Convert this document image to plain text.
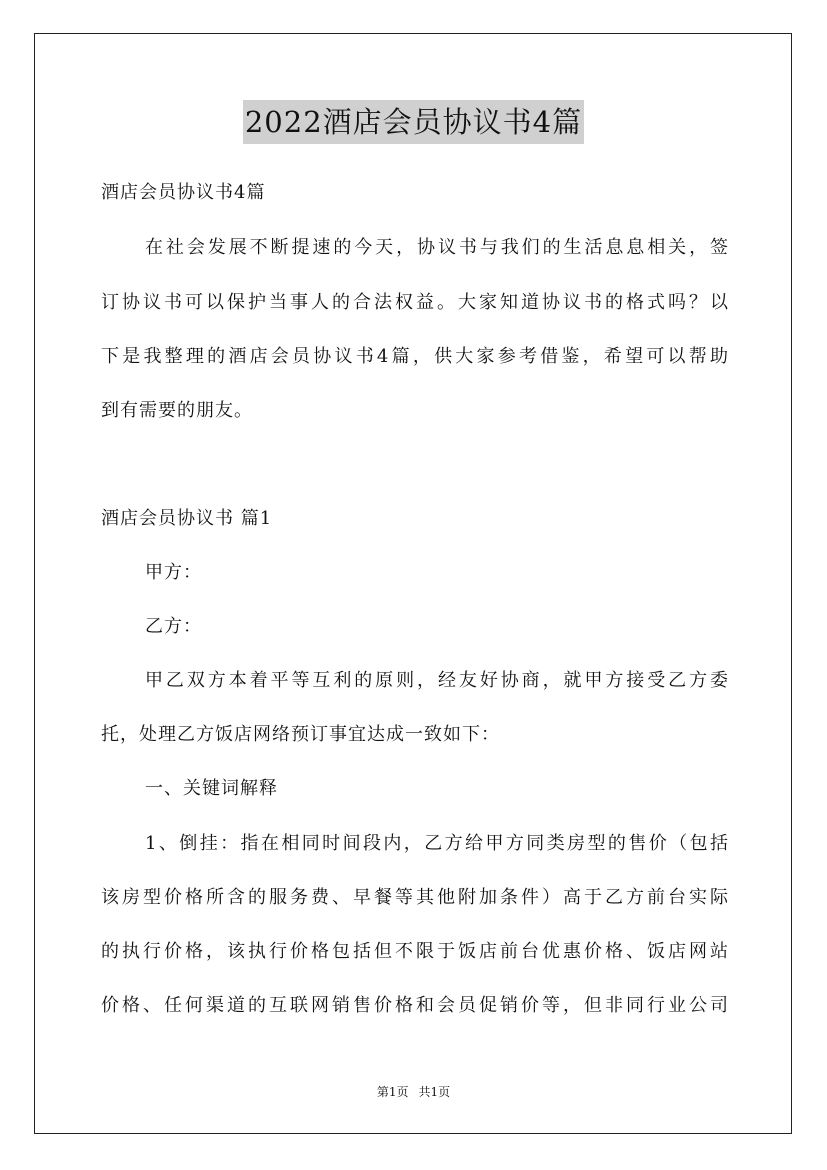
2022酒店会员协议书4篇
酒店会员协议书4篇
在社会发展不断提速的今天，协议书与我们的生活息息相关，签
订协议书可以保护当事人的合法权益。大家知道协议书的格式吗？以
下是我整理的酒店会员协议书4篇，供大家参考借鉴，希望可以帮助
到有需要的朋友。
酒店会员协议书 篇1
甲方：
乙方：
甲乙双方本着平等互利的原则，经友好协商，就甲方接受乙方委
托，处理乙方饭店网络预订事宜达成一致如下：
一、关键词解释
1、倒挂：指在相同时间段内，乙方给甲方同类房型的售价（包括
该房型价格所含的服务费、早餐等其他附加条件）高于乙方前台实际
的执行价格，该执行价格包括但不限于饭店前台优惠价格、饭店网站
价格、任何渠道的互联网销售价格和会员促销价等，但非同行业公司
第1页 共1页
